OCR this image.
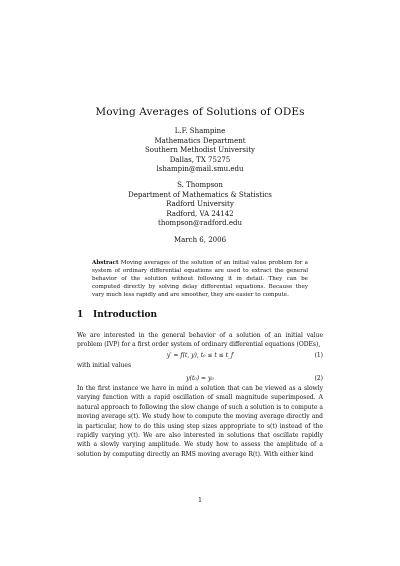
Moving Averages of Solutions of ODEs
L.F. Shampine
Mathematics Department
Southern Methodist University
Dallas, TX 75275
lshampin@mail.smu.edu
S. Thompson
Department of Mathematics & Statistics
Radford University
Radford, VA 24142
thompson@radford.edu
March 6, 2006
Abstract Moving averages of the solution of an initial value problem for a system of ordinary differential equations are used to extract the general behavior of the solution without following it in detail. They can be computed directly by solving delay differential equations. Because they vary much less rapidly and are smoother, they are easier to compute.
1 Introduction
We are interested in the general behavior of a solution of an initial value problem (IVP) for a first order system of ordinary differential equations (ODEs),
y′ = f(t, y), t₀ ≤ t ≤ t_f	(1)
with initial values
y(t₀) = y₀	(2)
In the first instance we have in mind a solution that can be viewed as a slowly varying function with a rapid oscillation of small magnitude superimposed. A natural approach to following the slow change of such a solution is to compute a moving average s(t). We study how to compute the moving average directly and in particular, how to do this using step sizes appropriate to s(t) instead of the rapidly varying y(t). We are also interested in solutions that oscillate rapidly with a slowly varying amplitude. We study how to assess the amplitude of a solution by computing directly an RMS moving average R(t). With either kind
1
